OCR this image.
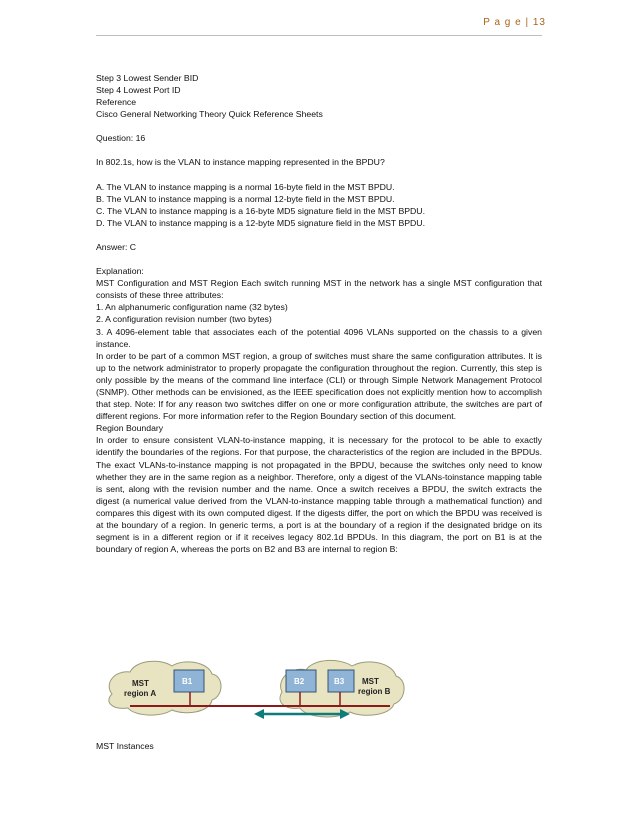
P a g e | 13

Step 3 Lowest Sender BID

Step 4 Lowest Port ID

Reference

Cisco General Networking Theory Quick Reference Sheets

Question: 16

In 802.1s, how is the VLAN to instance mapping represented in the BPDU?

A. The VLAN to instance mapping is a normal 16-byte field in the MST BPDU.

B. The VLAN to instance mapping is a normal 12-byte field in the MST BPDU.

C. The VLAN to instance mapping is a 16-byte MD5 signature field in the MST BPDU.

D. The VLAN to instance mapping is a 12-byte MD5 signature field in the MST BPDU.

Answer: C

Explanation:

MST Configuration and MST Region Each switch running MST in the network has a single MST configuration that consists of these three attributes:

1. An alphanumeric configuration name (32 bytes)

2. A configuration revision number (two bytes)

3. A 4096-element table that associates each of the potential 4096 VLANs supported on the chassis to a given instance.

In order to be part of a common MST region, a group of switches must share the same configuration attributes. It is up to the network administrator to properly propagate the configuration throughout the region. Currently, this step is only possible by the means of the command line interface (CLI) or through Simple Network Management Protocol (SNMP). Other methods can be envisioned, as the IEEE specification does not explicitly mention how to accomplish that step. Note: If for any reason two switches differ on one or more configuration attribute, the switches are part of different regions. For more information refer to the Region Boundary section of this document.

Region Boundary

In order to ensure consistent VLAN-to-instance mapping, it is necessary for the protocol to be able to exactly identify the boundaries of the regions. For that purpose, the characteristics of the region are included in the BPDUs. The exact VLANs-to-instance mapping is not propagated in the BPDU, because the switches only need to know whether they are in the same region as a neighbor. Therefore, only a digest of the VLANs-toinstance mapping table is sent, along with the revision number and the name. Once a switch receives a BPDU, the switch extracts the digest (a numerical value derived from the VLAN-to-instance mapping table through a mathematical function) and compares this digest with its own computed digest. If the digests differ, the port on which the BPDU was received is at the boundary of a region. In generic terms, a port is at the boundary of a region if the designated bridge on its segment is in a different region or if it receives legacy 802.1d BPDUs. In this diagram, the port on B1 is at the boundary of region A, whereas the ports on B2 and B3 are internal to region B:

MST
region A
B1	B2	B3 MST
region B
MST Instances
